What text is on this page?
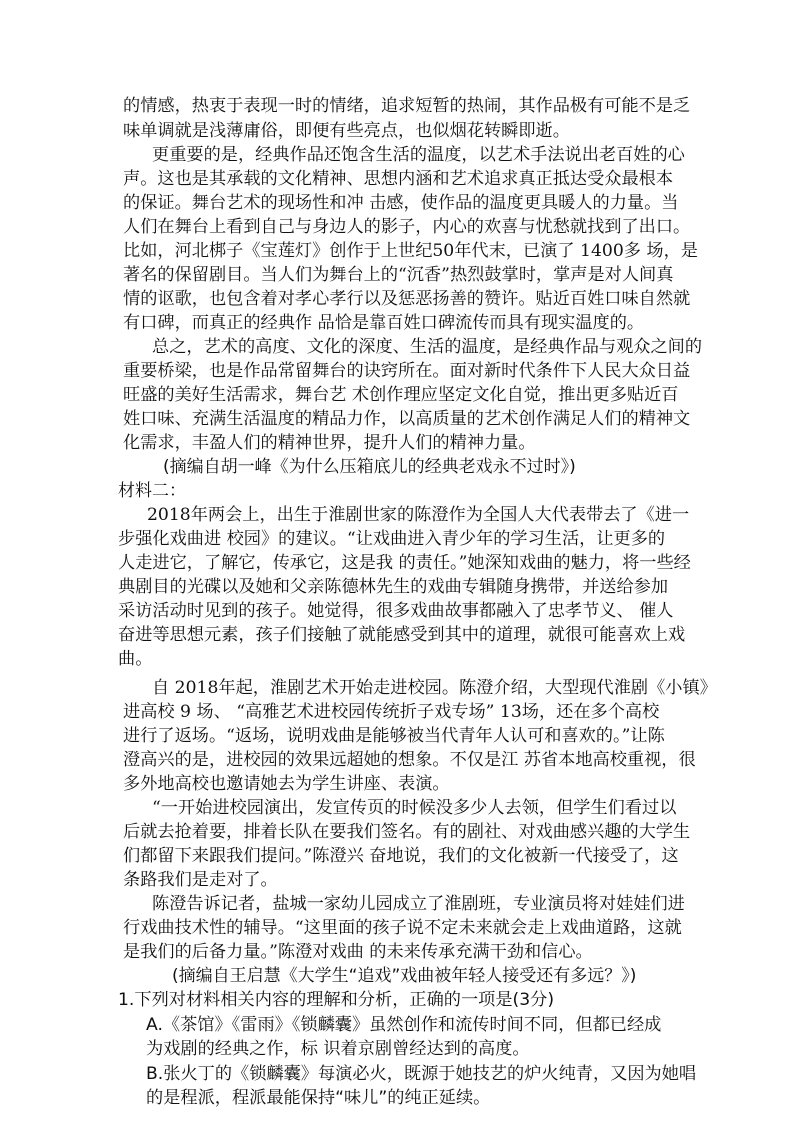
的情感，热衷于表现一时的情绪，追求短暂的热闹，其作品极有可能不是乏
味单调就是浅薄庸俗，即便有些亮点，也似烟花转瞬即逝。
更重要的是，经典作品还饱含生活的温度，以艺术手法说出老百姓的心
声。这也是其承载的文化精神、思想内涵和艺术追求真正抵达受众最根本
的保证。舞台艺术的现场性和冲 击感，使作品的温度更具暖人的力量。当
人们在舞台上看到自己与身边人的影子，内心的欢喜与忧愁就找到了出口。
比如，河北梆子《宝莲灯》创作于上世纪50年代末，已演了 1400多 场，是
著名的保留剧目。当人们为舞台上的“沉香”热烈鼓掌时，掌声是对人间真
情的讴歌，也包含着对孝心孝行以及惩恶扬善的赞许。贴近百姓口味自然就
有口碑，而真正的经典作 品恰是靠百姓口碑流传而具有现实温度的。
总之，艺术的高度、文化的深度、生活的温度，是经典作品与观众之间的
重要桥梁，也是作品常留舞台的诀窍所在。面对新时代条件下人民大众日益
旺盛的美好生活需求，舞台艺 术创作理应坚定文化自觉，推出更多贴近百
姓口味、充满生活温度的精品力作，以高质量的艺术创作满足人们的精神文
化需求，丰盈人们的精神世界，提升人们的精神力量。
(摘编自胡一峰《为什么压箱底儿的经典老戏永不过时》)
材料二：
2018年两会上，出生于淮剧世家的陈澄作为全国人大代表带去了《进一
步强化戏曲进 校园》的建议。“让戏曲进入青少年的学习生活，让更多的
人走进它，了解它，传承它，这是我 的责任。”她深知戏曲的魅力，将一些经
典剧目的光碟以及她和父亲陈德林先生的戏曲专辑随身携带，并送给参加
采访活动时见到的孩子。她觉得，很多戏曲故事都融入了忠孝节义、 催人
奋进等思想元素，孩子们接触了就能感受到其中的道理，就很可能喜欢上戏
曲。
自 2018年起，淮剧艺术开始走进校园。陈澄介绍，大型现代淮剧《小镇》
进高校 9 场、 “高雅艺术进校园传统折子戏专场” 13场，还在多个高校
进行了返场。“返场，说明戏曲是能够被当代青年人认可和喜欢的。”让陈
澄高兴的是，进校园的效果远超她的想象。不仅是江 苏省本地高校重视，很
多外地高校也邀请她去为学生讲座、表演。
“一开始进校园演出，发宣传页的时候没多少人去领，但学生们看过以
后就去抢着要，排着长队在要我们签名。有的剧社、对戏曲感兴趣的大学生
们都留下来跟我们提问。”陈澄兴 奋地说，我们的文化被新一代接受了，这
条路我们是走对了。
陈澄告诉记者，盐城一家幼儿园成立了淮剧班，专业演员将对娃娃们进
行戏曲技术性的辅导。“这里面的孩子说不定未来就会走上戏曲道路，这就
是我们的后备力量。”陈澄对戏曲 的未来传承充满干劲和信心。
(摘编自王启慧《大学生“追戏”戏曲被年轻人接受还有多远？》)
1.下列对材料相关内容的理解和分析，正确的一项是(3分)
A.《茶馆》《雷雨》《锁麟囊》虽然创作和流传时间不同，但都已经成
为戏剧的经典之作，标 识着京剧曾经达到的高度。
B.张火丁的《锁麟囊》每演必火，既源于她技艺的炉火纯青，又因为她唱
的是程派，程派最能保持“味儿”的纯正延续。
